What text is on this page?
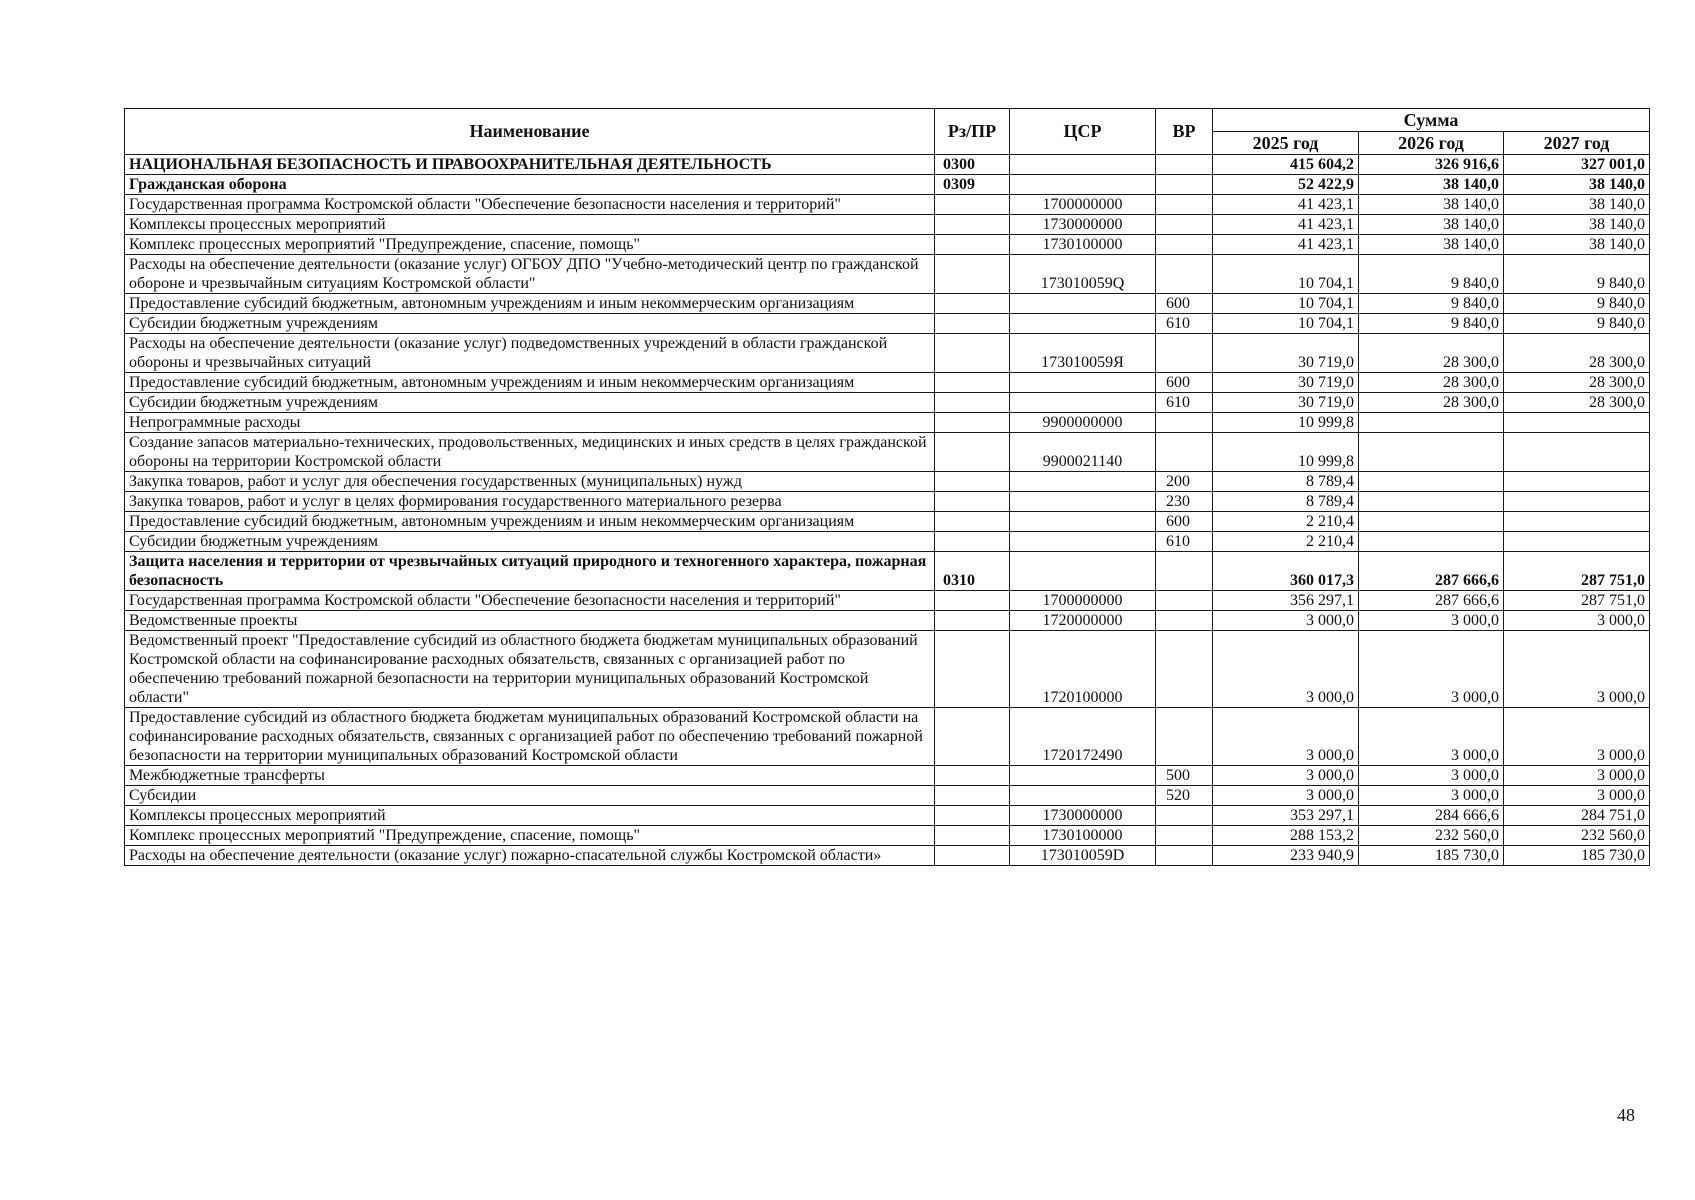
Наименование	Рз/ПР	ЦСР	ВР	Сумма		
				2025 год	2026 год	2027 год
НАЦИОНАЛЬНАЯ БЕЗОПАСНОСТЬ И ПРАВООХРАНИТЕЛЬНАЯ ДЕЯТЕЛЬНОСТЬ	0300			415 604,2	326 916,6	327 001,0
Гражданская оборона	0309			52 422,9	38 140,0	38 140,0
Государственная программа Костромской области "Обеспечение безопасности населения и территорий"		1700000000		41 423,1	38 140,0	38 140,0
Комплексы процессных мероприятий		1730000000		41 423,1	38 140,0	38 140,0
Комплекс процессных мероприятий "Предупреждение, спасение, помощь"		1730100000		41 423,1	38 140,0	38 140,0
Расходы на обеспечение деятельности (оказание услуг) ОГБОУ ДПО "Учебно-методический центр по гражданской обороне и чрезвычайным ситуациям Костромской области"		173010059Q		10 704,1	9 840,0	9 840,0
Предоставление субсидий бюджетным, автономным учреждениям и иным некоммерческим организациям			600	10 704,1	9 840,0	9 840,0
Субсидии бюджетным учреждениям			610	10 704,1	9 840,0	9 840,0
Расходы на обеспечение деятельности (оказание услуг) подведомственных учреждений в области гражданской обороны и чрезвычайных ситуаций		173010059Я		30 719,0	28 300,0	28 300,0
Предоставление субсидий бюджетным, автономным учреждениям и иным некоммерческим организациям			600	30 719,0	28 300,0	28 300,0
Субсидии бюджетным учреждениям			610	30 719,0	28 300,0	28 300,0
Непрограммные расходы		9900000000		10 999,8		
Создание запасов материально-технических, продовольственных, медицинских и иных средств в целях гражданской обороны на территории Костромской области		9900021140		10 999,8		
Закупка товаров, работ и услуг для обеспечения государственных (муниципальных) нужд			200	8 789,4		
Закупка товаров, работ и услуг в целях формирования государственного материального резерва			230	8 789,4		
Предоставление субсидий бюджетным, автономным учреждениям и иным некоммерческим организациям			600	2 210,4		
Субсидии бюджетным учреждениям			610	2 210,4		
Защита населения и территории от чрезвычайных ситуаций природного и техногенного характера, пожарная безопасность	0310			360 017,3	287 666,6	287 751,0
Государственная программа Костромской области "Обеспечение безопасности населения и территорий"		1700000000		356 297,1	287 666,6	287 751,0
Ведомственные проекты		1720000000		3 000,0	3 000,0	3 000,0
Ведомственный проект "Предоставление субсидий из областного бюджета бюджетам муниципальных образований Костромской области на софинансирование расходных обязательств, связанных с организацией работ по обеспечению требований пожарной безопасности на территории муниципальных образований Костромской области"		1720100000		3 000,0	3 000,0	3 000,0
Предоставление субсидий из областного бюджета бюджетам муниципальных образований Костромской области на софинансирование расходных обязательств, связанных с организацией работ по обеспечению требований пожарной безопасности на территории муниципальных образований Костромской области		1720172490		3 000,0	3 000,0	3 000,0
Межбюджетные трансферты			500	3 000,0	3 000,0	3 000,0
Субсидии			520	3 000,0	3 000,0	3 000,0
Комплексы процессных мероприятий		1730000000		353 297,1	284 666,6	284 751,0
Комплекс процессных мероприятий "Предупреждение, спасение, помощь"		1730100000		288 153,2	232 560,0	232 560,0
Расходы на обеспечение деятельности (оказание услуг) пожарно-спасательной службы Костромской области»		173010059D		233 940,9	185 730,0	185 730,0
48
